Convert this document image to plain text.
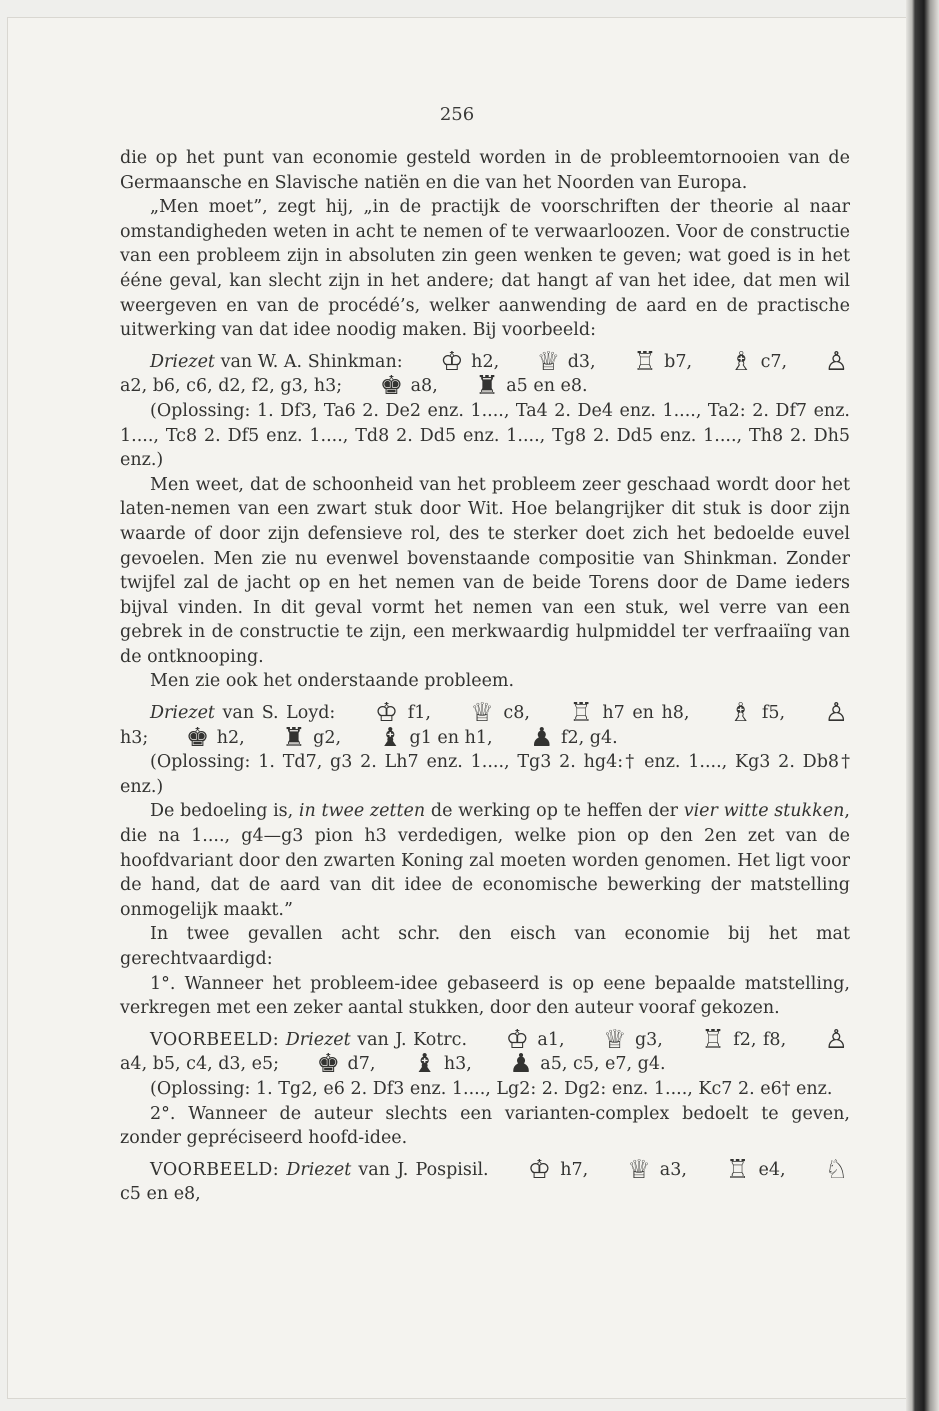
256

die op het punt van economie gesteld worden in de probleemtornooien van de Germaansche en Slavische natiën en die van het Noorden van Europa.

„Men moet”, zegt hij, „in de practijk de voorschriften der theorie al naar omstandigheden weten in acht te nemen of te verwaarloozen. Voor de constructie van een probleem zijn in absoluten zin geen wenken te geven; wat goed is in het ééne geval, kan slecht zijn in het andere; dat hangt af van het idee, dat men wil weergeven en van de procédé’s, welker aanwending de aard en de practische uitwerking van dat idee noodig maken. Bij voorbeeld:

Driezet van W. A. Shinkman: ♔ h2, ♕ d3, ♖ b7, ♗ c7, ♙ a2, b6, c6, d2, f2, g3, h3; ♚ a8, ♜ a5 en e8.

(Oplossing: 1. Df3, Ta6 2. De2 enz. 1...., Ta4 2. De4 enz. 1...., Ta2: 2. Df7 enz. 1...., Tc8 2. Df5 enz. 1...., Td8 2. Dd5 enz. 1...., Tg8 2. Dd5 enz. 1...., Th8 2. Dh5 enz.)

Men weet, dat de schoonheid van het probleem zeer geschaad wordt door het laten-nemen van een zwart stuk door Wit. Hoe belangrijker dit stuk is door zijn waarde of door zijn defensieve rol, des te sterker doet zich het bedoelde euvel gevoelen. Men zie nu evenwel bovenstaande compositie van Shinkman. Zonder twijfel zal de jacht op en het nemen van de beide Torens door de Dame ieders bijval vinden. In dit geval vormt het nemen van een stuk, wel verre van een gebrek in de constructie te zijn, een merkwaardig hulpmiddel ter verfraaiïng van de ontknooping.

Men zie ook het onderstaande probleem.

Driezet van S. Loyd: ♔ f1, ♕ c8, ♖ h7 en h8, ♗ f5, ♙ h3; ♚ h2, ♜ g2, ♝ g1 en h1, ♟ f2, g4.

(Oplossing: 1. Td7, g3 2. Lh7 enz. 1...., Tg3 2. hg4:† enz. 1...., Kg3 2. Db8† enz.)

De bedoeling is, in twee zetten de werking op te heffen der vier witte stukken, die na 1...., g4—g3 pion h3 verdedigen, welke pion op den 2en zet van de hoofdvariant door den zwarten Koning zal moeten worden genomen. Het ligt voor de hand, dat de aard van dit idee de economische bewerking der matstelling onmogelijk maakt.”

In twee gevallen acht schr. den eisch van economie bij het mat gerechtvaardigd:

1°. Wanneer het probleem-idee gebaseerd is op eene bepaalde matstelling, verkregen met een zeker aantal stukken, door den auteur vooraf gekozen.

VOORBEELD: Driezet van J. Kotrc. ♔ a1, ♕ g3, ♖ f2, f8, ♙ a4, b5, c4, d3, e5; ♚ d7, ♝ h3, ♟ a5, c5, e7, g4.

(Oplossing: 1. Tg2, e6 2. Df3 enz. 1...., Lg2: 2. Dg2: enz. 1...., Kc7 2. e6† enz.

2°. Wanneer de auteur slechts een varianten-complex bedoelt te geven, zonder gepréciseerd hoofd-idee.

VOORBEELD: Driezet van J. Pospisil. ♔ h7, ♕ a3, ♖ e4, ♘ c5 en e8,
